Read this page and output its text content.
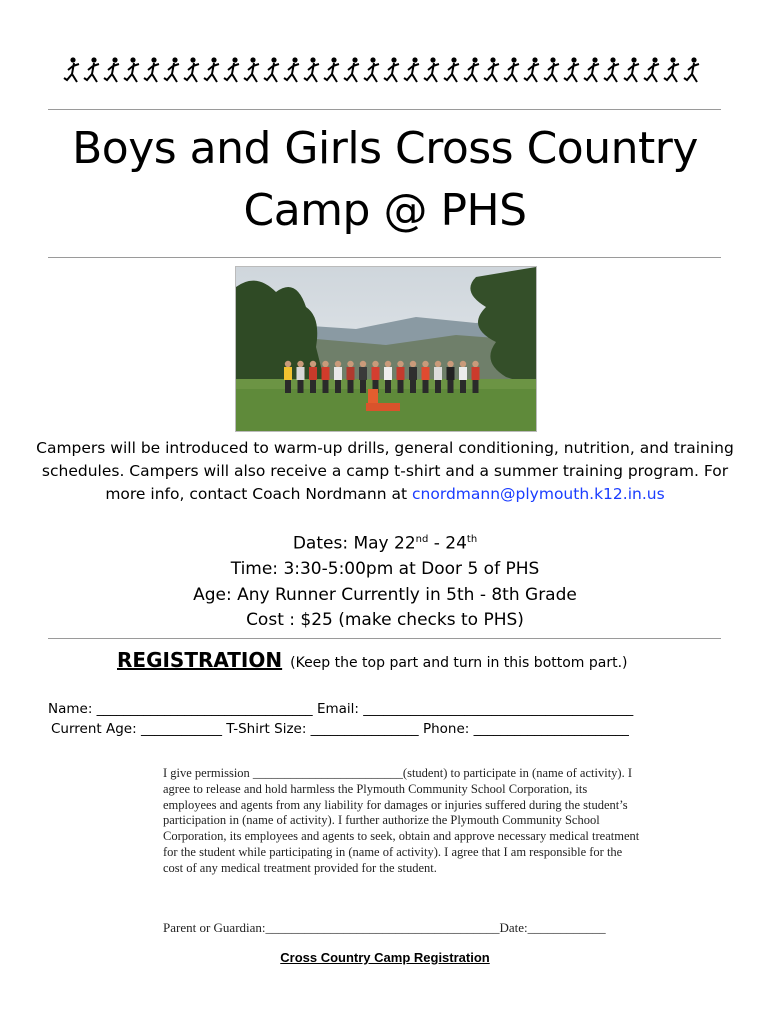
Boys and Girls Cross Country
Camp @ PHS
Campers will be introduced to warm-up drills, general conditioning, nutrition, and training
schedules. Campers will also receive a camp t-shirt and a summer training program. For
more info, contact Coach Nordmann at cnordmann@plymouth.k12.in.us
Dates: May 22nd - 24th
Time: 3:30-5:00pm at Door 5 of PHS
Age: Any Runner Currently in 5th - 8th Grade
Cost : $25 (make checks to PHS)
REGISTRATION (Keep the top part and turn in this bottom part.)
Name: ________________________________ Email: ________________________________________
Current Age: ____________ T-Shirt Size: ________________ Phone: _______________________
I give permission ________________________(student) to participate in (name of activity). I agree to release and hold harmless the Plymouth Community School Corporation, its employees and agents from any liability for damages or injuries suffered during the student’s participation in (name of activity). I further authorize the Plymouth Community School Corporation, its employees and agents to seek, obtain and approve necessary medical treatment for the student while participating in (name of activity). I agree that I am responsible for the cost of any medical treatment provided for the student.
Parent or Guardian:____________________________________Date:____________
Cross Country Camp Registration
